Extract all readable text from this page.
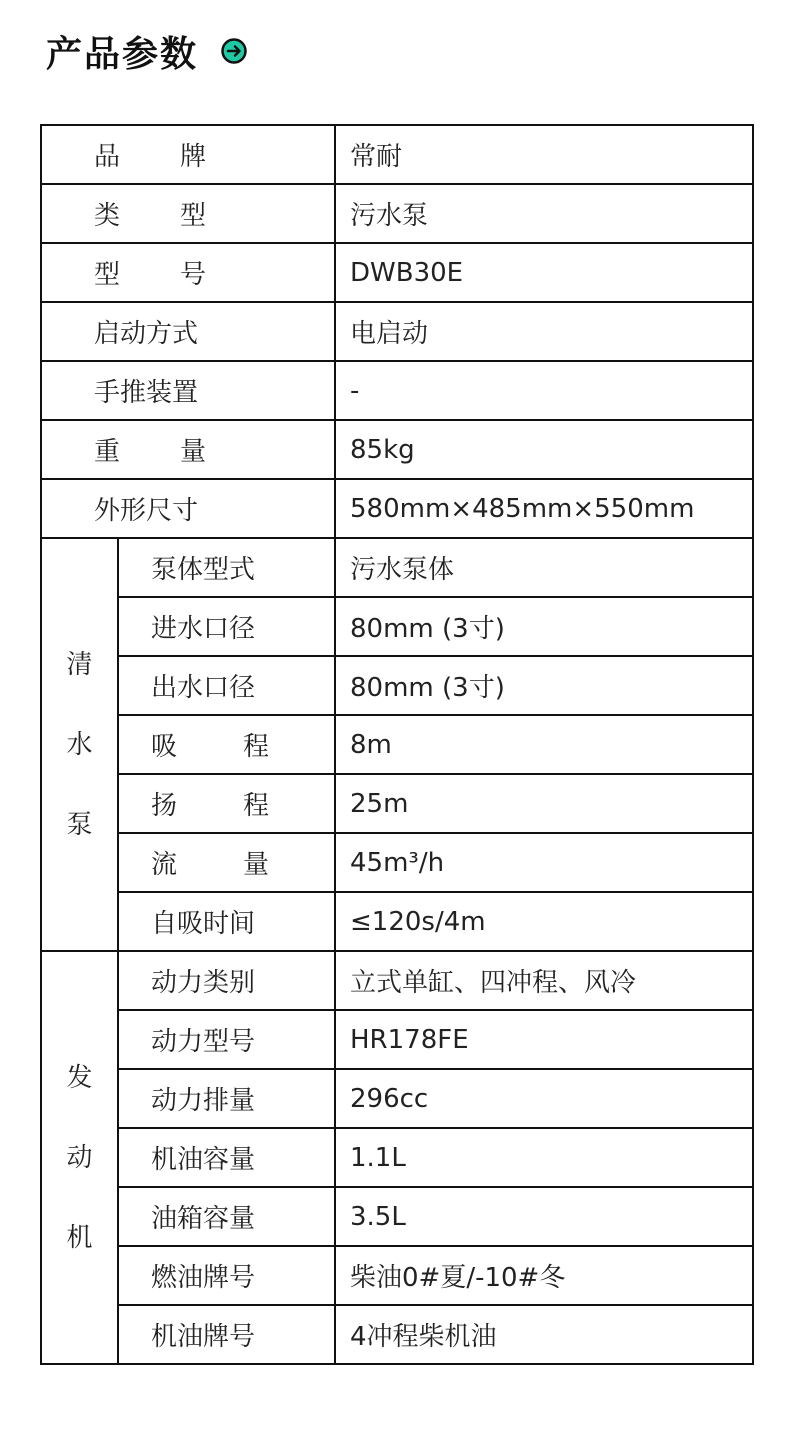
产品参数
品 牌		常耐

类 型		污水泵

型 号		DWB30E
启动方式		电启动
手推装置		-

重 量		85kg
外形尺寸		580mm×485mm×550mm

清
水
泵	泵体型式	污水泵体
	进水口径	80mm (3寸)
	出水口径	80mm (3寸)

	吸 程	8m

	扬 程	25m

	流 量	45m³/h
	自吸时间	≤120s/4m

发
动
机	动力类别	立式单缸、四冲程、风冷
	动力型号	HR178FE
	动力排量	296cc
	机油容量	1.1L
	油箱容量	3.5L
	燃油牌号	柴油0#夏/-10#冬
	机油牌号	4冲程柴机油
